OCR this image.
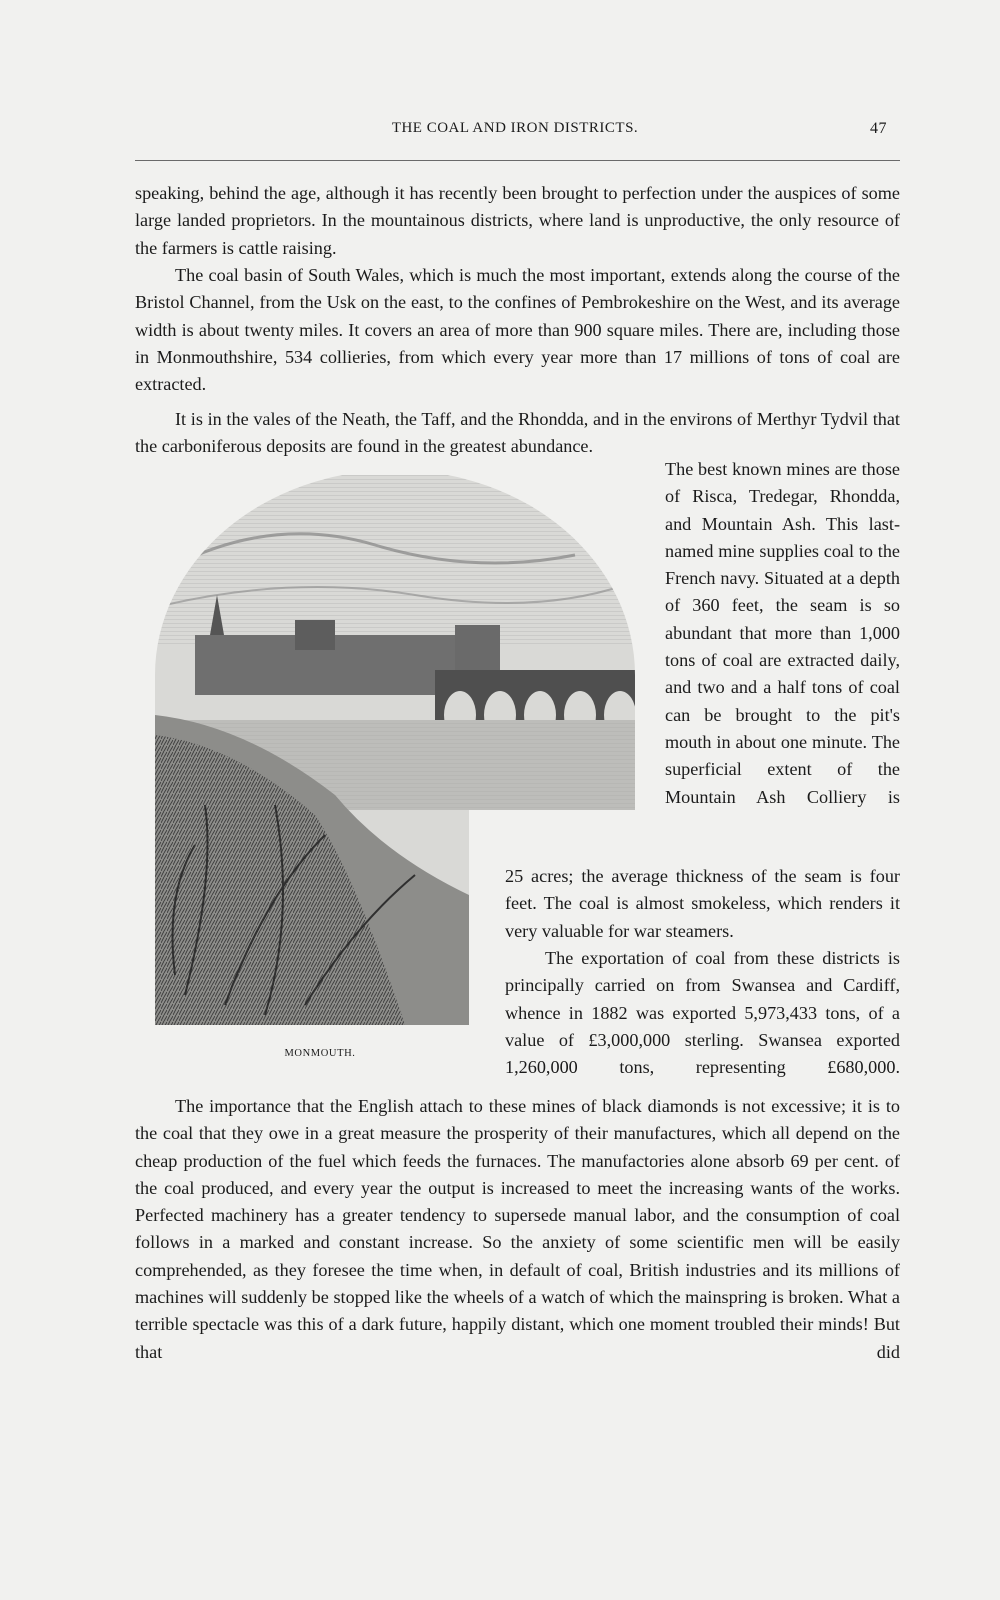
THE COAL AND IRON DISTRICTS.	47

speaking, behind the age, although it has recently been brought to perfection under the auspices of some large landed proprietors. In the mountainous districts, where land is unproductive, the only resource of the farmers is cattle raising.

The coal basin of South Wales, which is much the most important, extends along the course of the Bristol Channel, from the Usk on the east, to the confines of Pembrokeshire on the West, and its average width is about twenty miles. It covers an area of more than 900 square miles. There are, including those in Monmouthshire, 534 collieries, from which every year more than 17 millions of tons of coal are extracted.

It is in the vales of the Neath, the Taff, and the Rhondda, and in the environs of Merthyr Tydvil that the carboniferous deposits are found in the greatest abundance.

The best known mines are those of Risca, Tredegar, Rhondda, and Mountain Ash. This last-named mine supplies coal to the French navy. Situated at a depth of 360 feet, the seam is so abundant that more than 1,000 tons of coal are extracted daily, and two and a half tons of coal can be brought to the pit's mouth in about one minute. The superficial extent of the Mountain Ash Colliery is

25 acres; the average thickness of the seam is four feet. The coal is almost smokeless, which renders it very valuable for war steamers.

The exportation of coal from these districts is principally carried on from Swansea and Cardiff, whence in 1882 was exported 5,973,433 tons, of a value of £3,000,000 sterling. Swansea exported 1,260,000 tons, representing £680,000.

The importance that the English attach to these mines of black diamonds is not excessive; it is to the coal that they owe in a great measure the prosperity of their manufactures, which all depend on the cheap production of the fuel which feeds the furnaces. The manufactories alone absorb 69 per cent. of the coal produced, and every year the output is increased to meet the increasing wants of the works. Perfected machinery has a greater tendency to supersede manual labor, and the consumption of coal follows in a marked and constant increase. So the anxiety of some scientific men will be easily comprehended, as they foresee the time when, in default of coal, British industries and its millions of machines will suddenly be stopped like the wheels of a watch of which the mainspring is broken. What a terrible spectacle was this of a dark future, happily distant, which one moment troubled their minds! But that did

MONMOUTH.
